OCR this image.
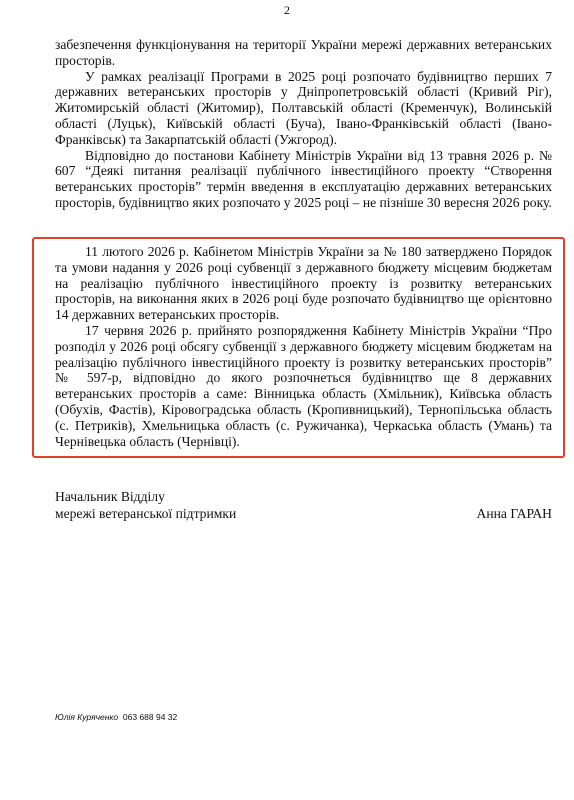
2

забезпечення функціонування на території України мережі державних ветеранських просторів.

У рамках реалізації Програми в 2025 році розпочато будівництво перших 7 державних ветеранських просторів у Дніпропетровській області (Кривий Ріг), Житомирській області (Житомир), Полтавській області (Кременчук), Волинській області (Луцьк), Київській області (Буча), Івано-Франківській області (Івано-Франківськ) та Закарпатській області (Ужгород).

Відповідно до постанови Кабінету Міністрів України від 13 травня 2026 р. № 607 “Деякі питання реалізації публічного інвестиційного проекту “Створення ветеранських просторів” термін введення в експлуатацію державних ветеранських просторів, будівництво яких розпочато у 2025 році – не пізніше 30 вересня 2026 року.

11 лютого 2026 р. Кабінетом Міністрів України за № 180 затверджено Порядок та умови надання у 2026 році субвенції з державного бюджету місцевим бюджетам на реалізацію публічного інвестиційного проекту із розвитку ветеранських просторів, на виконання яких в 2026 році буде розпочато будівництво ще орієнтовно 14 державних ветеранських просторів.

17 червня 2026 р. прийнято розпорядження Кабінету Міністрів України “Про розподіл у 2026 році обсягу субвенції з державного бюджету місцевим бюджетам на реалізацію публічного інвестиційного проекту із розвитку ветеранських просторів” № 597-р, відповідно до якого розпочнеться будівництво ще 8 державних ветеранських просторів а саме: Вінницька область (Хмільник), Київська область (Обухів, Фастів), Кіровоградська область (Кропивницький), Тернопільська область (с. Петриків), Хмельницька область (с. Ружичанка), Черкаська область (Умань) та Чернівецька область (Чернівці).

Начальник Відділу
мережі ветеранської підтримки	Анна ГАРАН
Юлія Куряченко 063 688 94 32
